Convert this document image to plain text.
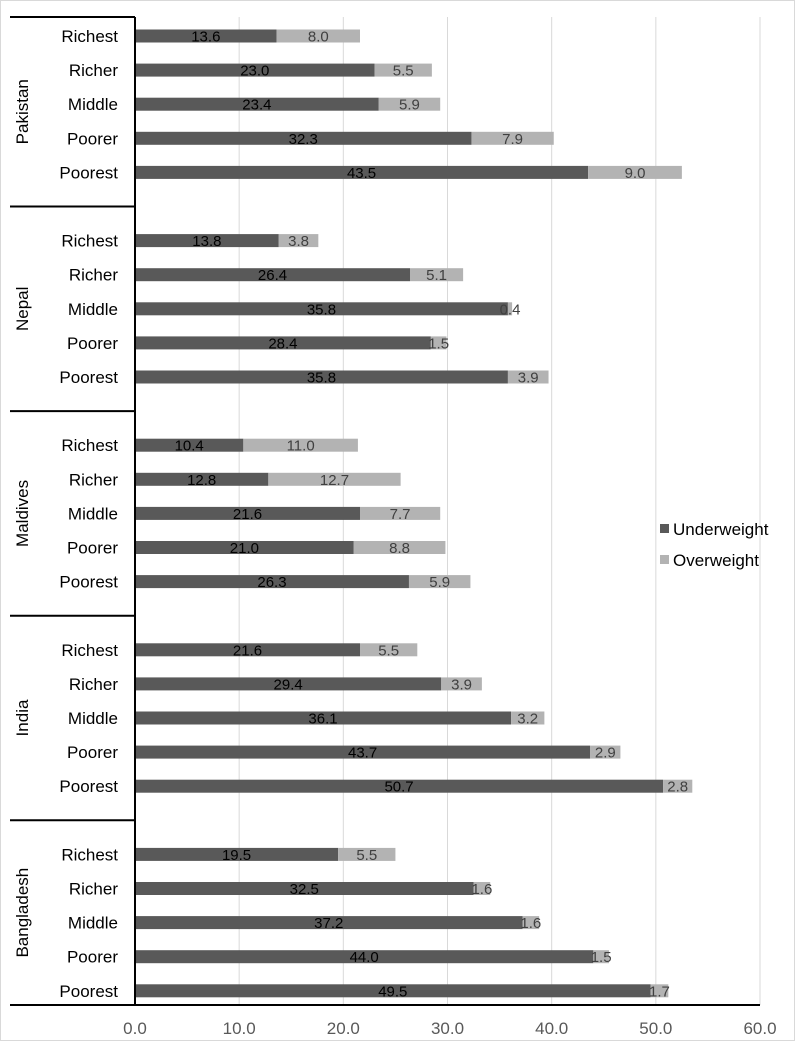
0.0	10.0	20.0	30.0	40.0	50.0	60.0
Richest	13.6	8.0
Richer	23.0	5.5
Middle	23.4	5.9
Poorer	32.3	7.9
Poorest	43.5	9.0
Richest	13.8	3.8
Richer	26.4	5.1
Middle	35.8	0.4
Poorer	28.4	1.5
Poorest	35.8	3.9
Richest	10.4	11.0
Richer	12.8	12.7
Middle	21.6	7.7
Poorer	21.0	8.8
Poorest	26.3	5.9
Richest	21.6	5.5
Richer	29.4	3.9
Middle	36.1	3.2
Poorer	43.7	2.9
Poorest	50.7	2.8
Richest	19.5	5.5
Richer	32.5	1.6
Middle	37.2	1.6
Poorer	44.0	1.5
Poorest	49.5	1.7
Pakistan
Nepal
Maldives
India
Bangladesh
Underweight
Overweight
